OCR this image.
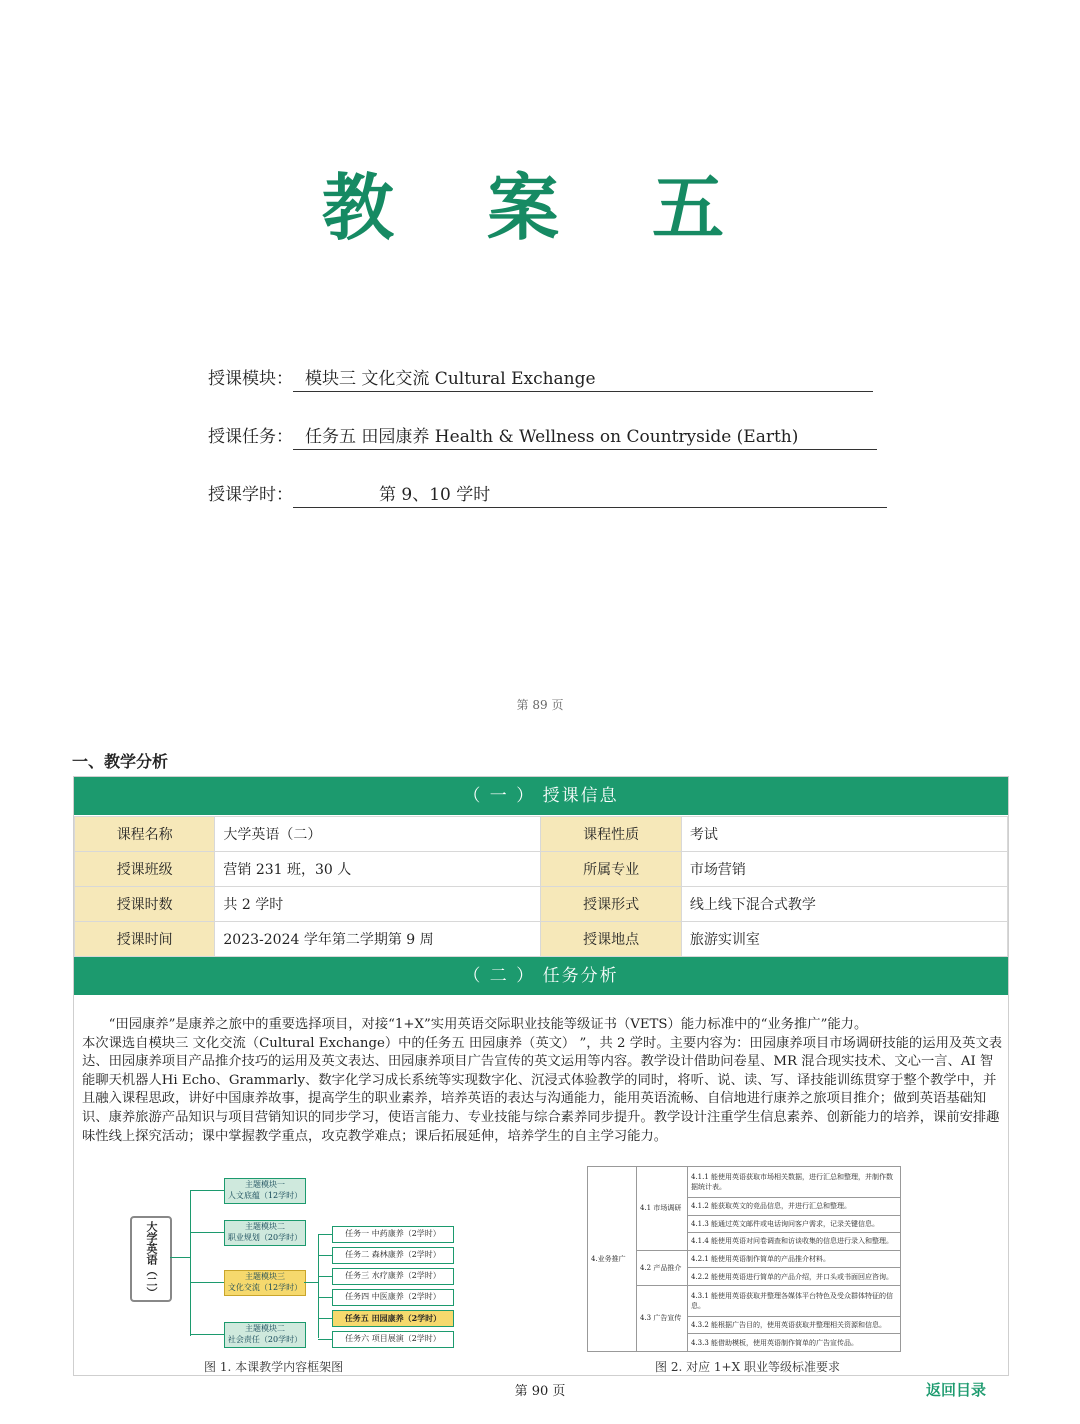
教 案 五
授课模块： 模块三 文化交流 Cultural Exchange
授课任务： 任务五 田园康养 Health & Wellness on Countryside (Earth)
授课学时：	第 9、10 学时
第 89 页
一、教学分析
（ 一 ） 授课信息
课程名称	大学英语（二）	课程性质	考试
授课班级	营销 231 班，30 人	所属专业	市场营销
授课时数	共 2 学时	授课形式	线上线下混合式教学
授课时间	2023-2024 学年第二学期第 9 周	授课地点	旅游实训室
（ 二 ） 任务分析

“田园康养”是康养之旅中的重要选择项目，对接“1+X”实用英语交际职业技能等级证书（VETS）能力标准中的“业务推广”能力。

本次课选自模块三 文化交流（Cultural Exchange）中的任务五 田园康养（英文） ”，共 2 学时。主要内容为：田园康养项目市场调研技能的运用及英文表达、田园康养项目产品推介技巧的运用及英文表达、田园康养项目广告宣传的英文运用等内容。教学设计借助问卷星、MR 混合现实技术、文心一言、AI 智能聊天机器人Hi Echo、Grammarly、数字化学习成长系统等实现数字化、沉浸式体验教学的同时，将听、说、读、写、译技能训练贯穿于整个教学中，并且融入课程思政，讲好中国康养故事，提高学生的职业素养，培养英语的表达与沟通能力，能用英语流畅、自信地进行康养之旅项目推介；做到英语基础知识、康养旅游产品知识与项目营销知识的同步学习，使语言能力、专业技能与综合素养同步提升。教学设计注重学生信息素养、创新能力的培养，课前安排趣味性线上探究活动；课中掌握教学重点，攻克教学难点；课后拓展延伸，培养学生的自主学习能力。

大学英语（二）
主题模块一
人文底蕴（12学时）
主题模块二
职业规划（20学时）
主题模块三
文化交流（12学时）
主题模块二
社会责任（20学时）
任务一 中药康养（2学时）
任务二 森林康养（2学时）
任务三 水疗康养（2学时）
任务四 中医康养（2学时）
任务五 田园康养（2学时）
任务六 项目展演（2学时）
图 1. 本课教学内容框架图
4.业务推广	4.1 市场调研	4.1.1 能使用英语获取市场相关数据，进行汇总和整理，并制作数据统计表。
		4.1.2 能获取英文的竞品信息，并进行汇总和整理。
		4.1.3 能通过英文邮件或电话询问客户需求，记录关键信息。
		4.1.4 能使用英语对问卷调查和访谈收集的信息进行录入和整理。
	4.2 产品推介	4.2.1 能使用英语制作简单的产品推介材料。
		4.2.2 能使用英语进行简单的产品介绍，并口头或书面回应咨询。
	4.3 广告宣传	4.3.1 能使用英语获取并整理各媒体平台特色及受众群体特征的信息。
		4.3.2 能根据广告目的，使用英语获取并整理相关资源和信息。
		4.3.3 能借助模板，使用英语制作简单的广告宣传品。
图 2. 对应 1+X 职业等级标准要求
第 90 页	返回目录
